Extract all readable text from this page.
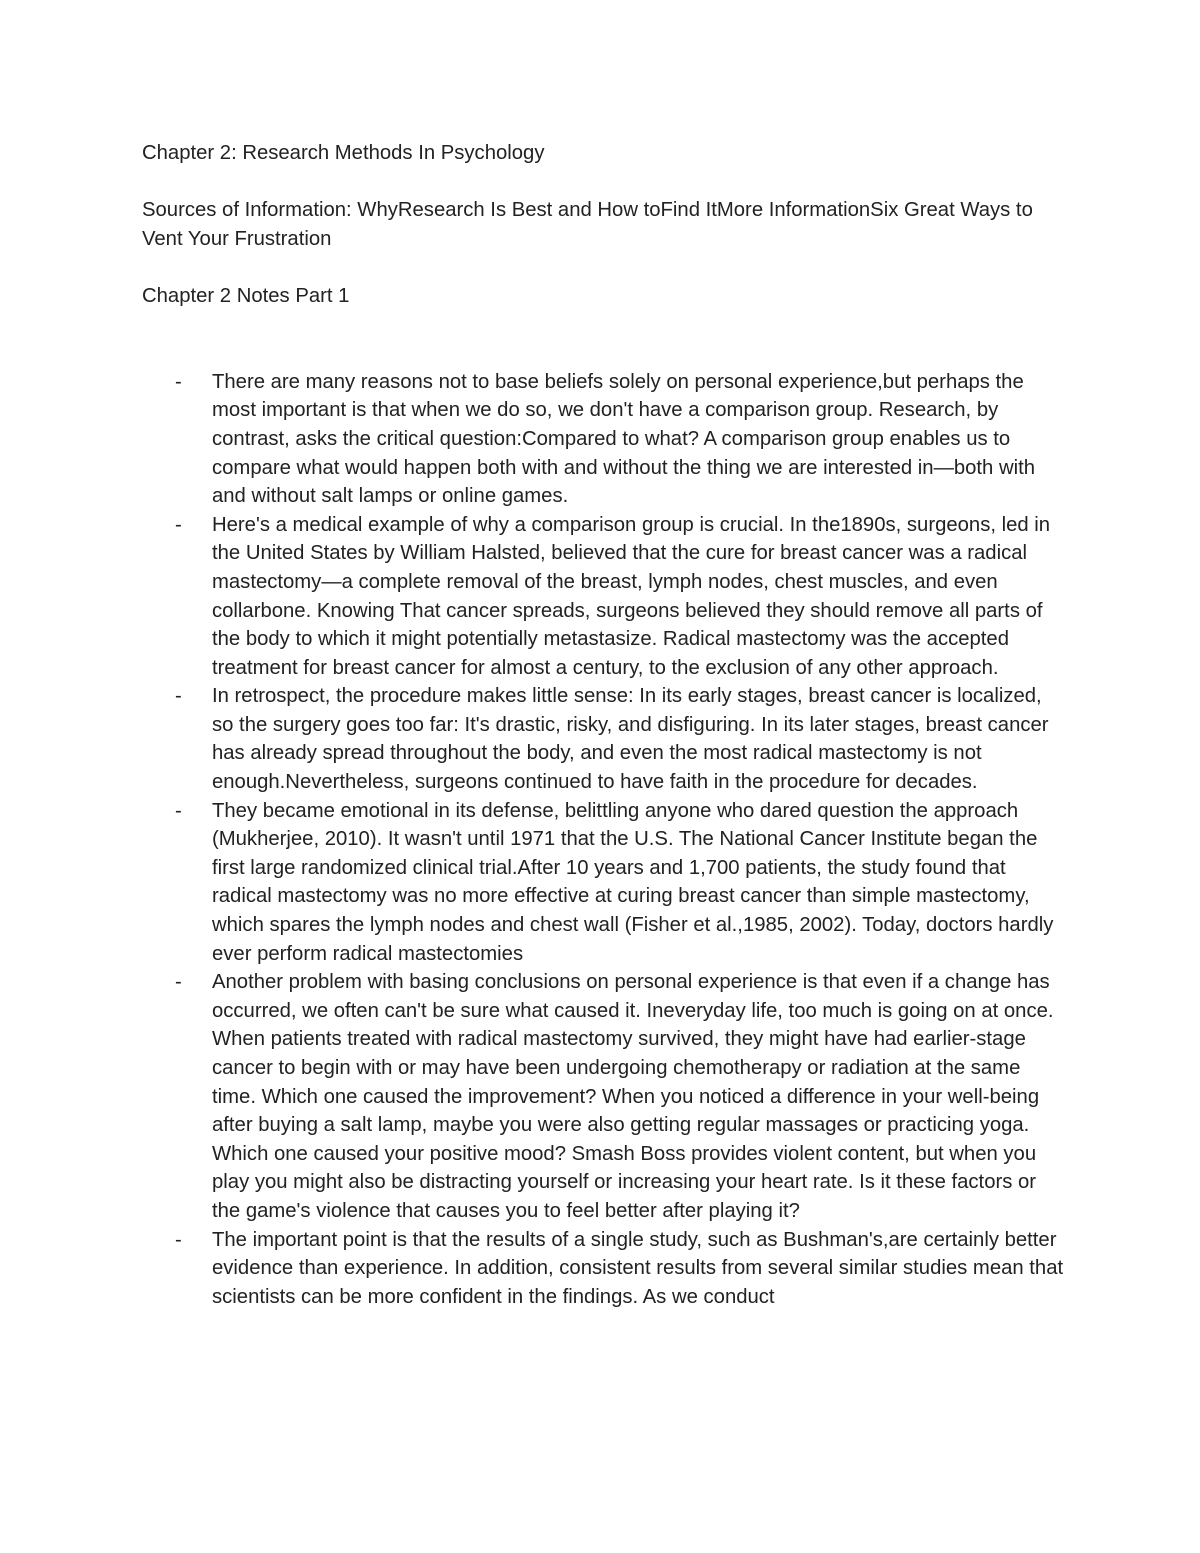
Chapter 2: Research Methods In Psychology

Sources of Information: WhyResearch Is Best and How toFind ItMore InformationSix Great Ways to Vent Your Frustration

Chapter 2 Notes Part 1

- There are many reasons not to base beliefs solely on personal experience,but perhaps the most important is that when we do so, we don't have a comparison group. Research, by contrast, asks the critical question:Compared to what? A comparison group enables us to compare what would happen both with and without the thing we are interested in—both with and without salt lamps or online games.
- Here's a medical example of why a comparison group is crucial. In the1890s, surgeons, led in the United States by William Halsted, believed that the cure for breast cancer was a radical mastectomy—a complete removal of the breast, lymph nodes, chest muscles, and even collarbone. Knowing That cancer spreads, surgeons believed they should remove all parts of the body to which it might potentially metastasize. Radical mastectomy was the accepted treatment for breast cancer for almost a century, to the exclusion of any other approach.
- In retrospect, the procedure makes little sense: In its early stages, breast cancer is localized, so the surgery goes too far: It's drastic, risky, and disfiguring. In its later stages, breast cancer has already spread throughout the body, and even the most radical mastectomy is not enough.Nevertheless, surgeons continued to have faith in the procedure for decades.
- They became emotional in its defense, belittling anyone who dared question the approach (Mukherjee, 2010). It wasn't until 1971 that the U.S. The National Cancer Institute began the first large randomized clinical trial.After 10 years and 1,700 patients, the study found that radical mastectomy was no more effective at curing breast cancer than simple mastectomy, which spares the lymph nodes and chest wall (Fisher et al.,1985, 2002). Today, doctors hardly ever perform radical mastectomies
- Another problem with basing conclusions on personal experience is that even if a change has occurred, we often can't be sure what caused it. Ineveryday life, too much is going on at once. When patients treated with radical mastectomy survived, they might have had earlier-stage cancer to begin with or may have been undergoing chemotherapy or radiation at the same time. Which one caused the improvement? When you noticed a difference in your well-being after buying a salt lamp, maybe you were also getting regular massages or practicing yoga. Which one caused your positive mood? Smash Boss provides violent content, but when you play you might also be distracting yourself or increasing your heart rate. Is it these factors or the game's violence that causes you to feel better after playing it?
- The important point is that the results of a single study, such as Bushman's,are certainly better evidence than experience. In addition, consistent results from several similar studies mean that scientists can be more confident in the findings. As we conduct
